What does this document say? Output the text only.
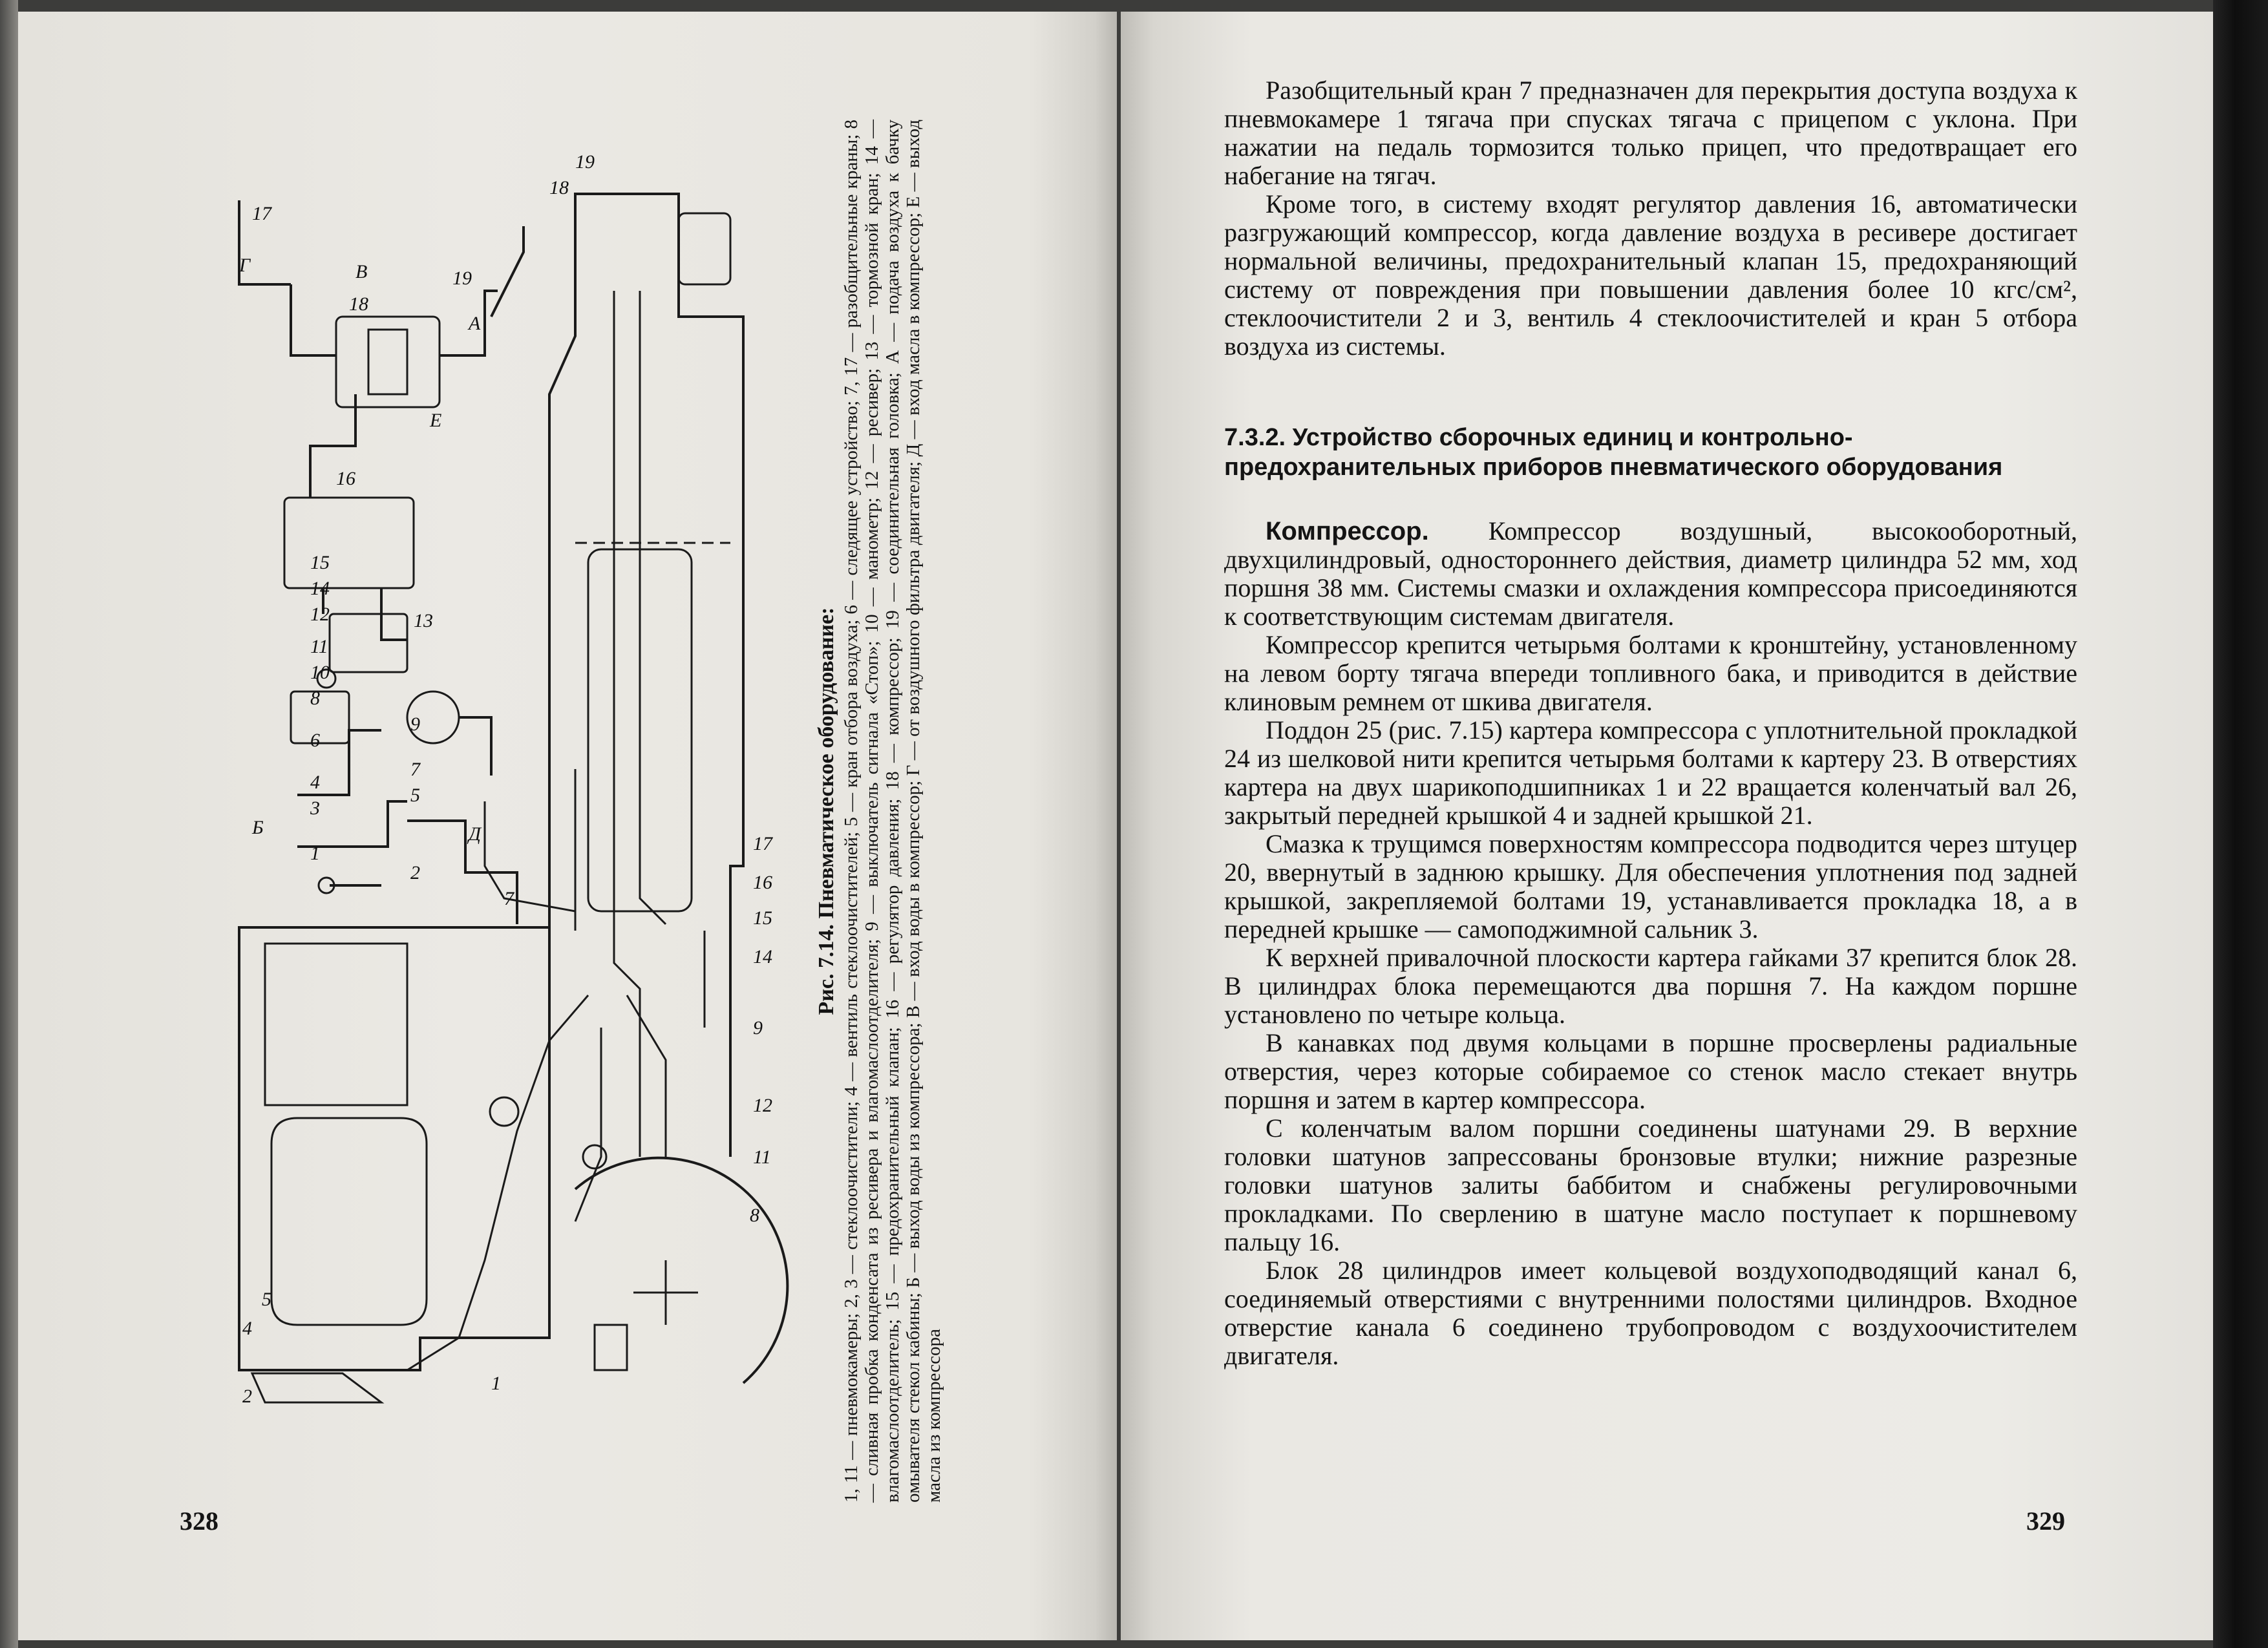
1
2
4
5
7
8
9
11
12
14
15
16
17
18
19
1
2
3
4
5
6
7
8
9
10
11
12	13
14
15
16
17
18
19
А
Б
В
Г
Д
Е
Рис. 7.14. Пневматическое оборудование: 1, 11 — пневмокамеры; 2, 3 — стеклоочистители; 4 — вентиль стеклоочистителей; 5 — кран отбора воздуха; 6 — следящее устройство; 7, 17 — разобщительные краны; 8 — сливная пробка конденсата из ресивера и влагомаслоотделителя; 9 — выключатель сигнала «Стоп»; 10 — манометр; 12 — ресивер; 13 — тормозной кран; 14 — влагомаслоотделитель; 15 — предохранительный клапан; 16 — регулятор давления; 18 — компрессор; 19 — соединительная головка; А — подача воздуха к бачку омывателя стекол кабины; Б — выход воды из компрессора; В — вход воды в компрессор; Г — от воздушного фильтра двигателя; Д — вход масла в компрессор; Е — выход масла из компрессора
328

Разобщительный кран 7 предназначен для перекрытия доступа воздуха к пневмокамере 1 тягача при спусках тягача с прицепом с уклона. При нажатии на педаль тормозится только прицеп, что предотвращает его набегание на тягач.

Кроме того, в систему входят регулятор давления 16, автоматически разгружающий компрессор, когда давление воздуха в ресивере достигает нормальной величины, предохранительный клапан 15, предохраняющий систему от повреждения при повышении давления более 10 кгс/см², стеклоочистители 2 и 3, вентиль 4 стеклоочистителей и кран 5 отбора воздуха из системы.

7.3.2. Устройство сборочных единиц и контрольно-предохранительных приборов пневматического оборудования

Компрессор. Компрессор воздушный, высокооборотный, двухцилиндровый, одностороннего действия, диаметр цилиндра 52 мм, ход поршня 38 мм. Системы смазки и охлаждения компрессора присоединяются к соответствующим системам двигателя.

Компрессор крепится четырьмя болтами к кронштейну, установленному на левом борту тягача впереди топливного бака, и приводится в действие клиновым ремнем от шкива двигателя.

Поддон 25 (рис. 7.15) картера компрессора с уплотнительной прокладкой 24 из шелковой нити крепится четырьмя болтами к картеру 23. В отверстиях картера на двух шарикоподшипниках 1 и 22 вращается коленчатый вал 26, закрытый передней крышкой 4 и задней крышкой 21.

Смазка к трущимся поверхностям компрессора подводится через штуцер 20, ввернутый в заднюю крышку. Для обеспечения уплотнения под задней крышкой, закрепляемой болтами 19, устанавливается прокладка 18, а в передней крышке — самоподжимной сальник 3.

К верхней привалочной плоскости картера гайками 37 крепится блок 28. В цилиндрах блока перемещаются два поршня 7. На каждом поршне установлено по четыре кольца.

В канавках под двумя кольцами в поршне просверлены радиальные отверстия, через которые собираемое со стенок масло стекает внутрь поршня и затем в картер компрессора.

С коленчатым валом поршни соединены шатунами 29. В верхние головки шатунов запрессованы бронзовые втулки; нижние разрезные головки шатунов залиты баббитом и снабжены регулировочными прокладками. По сверлению в шатуне масло поступает к поршневому пальцу 16.

Блок 28 цилиндров имеет кольцевой воздухоподводящий канал 6, соединяемый отверстиями с внутренними полостями цилиндров. Входное отверстие канала 6 соединено трубопроводом с воздухоочистителем двигателя.

329
